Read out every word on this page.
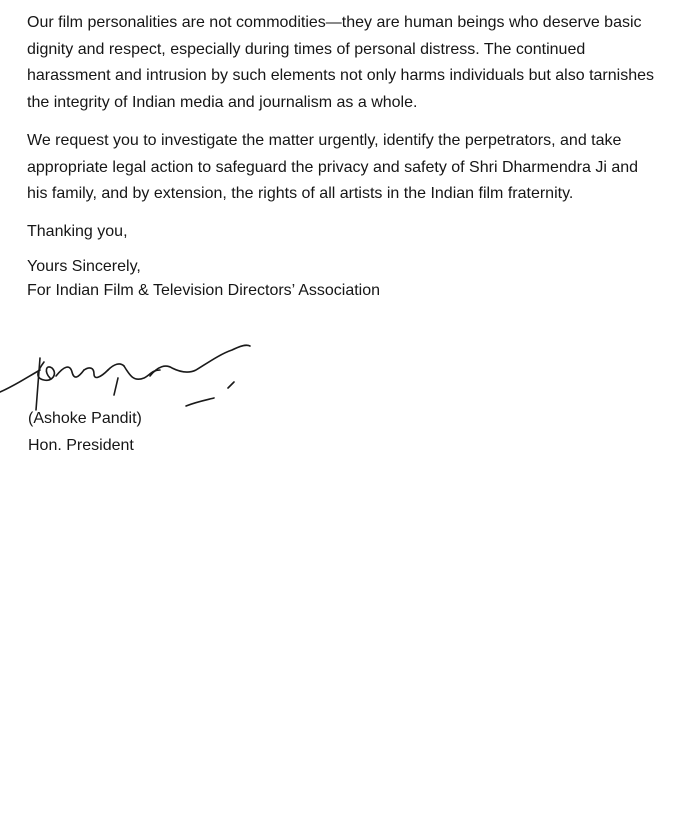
Our film personalities are not commodities—they are human beings who deserve basic dignity and respect, especially during times of personal distress. The continued harassment and intrusion by such elements not only harms individuals but also tarnishes the integrity of Indian media and journalism as a whole.

We request you to investigate the matter urgently, identify the perpetrators, and take appropriate legal action to safeguard the privacy and safety of Shri Dharmendra Ji and his family, and by extension, the rights of all artists in the Indian film fraternity.

Thanking you,

Yours Sincerely,

For Indian Film & Television Directors’ Association

(Ashoke Pandit)
Hon. President
